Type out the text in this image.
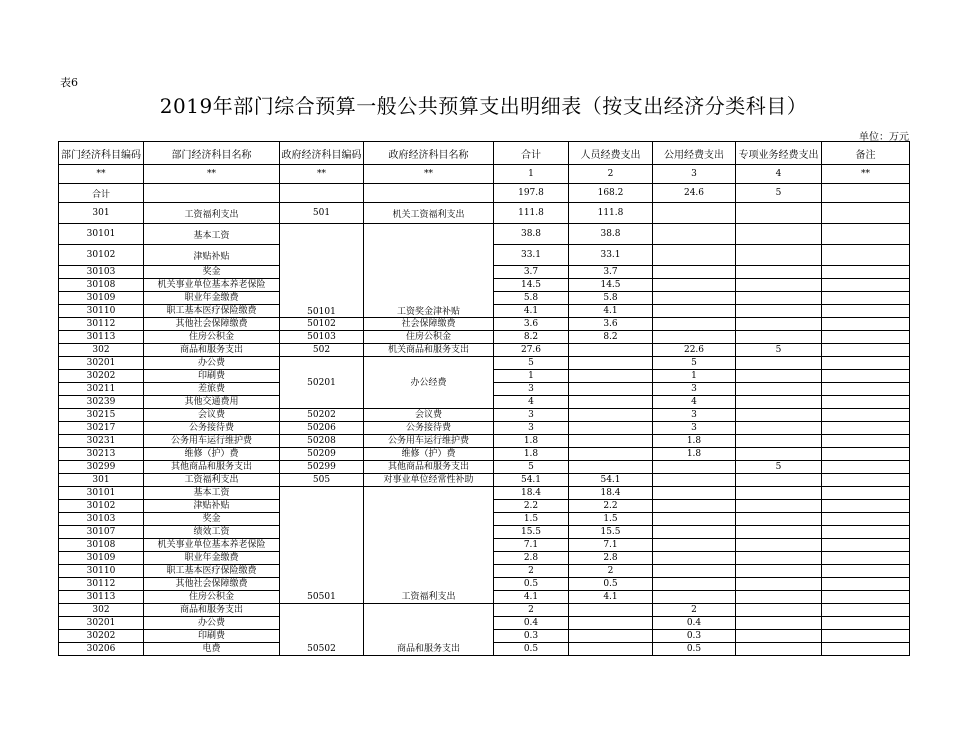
表6
2019年部门综合预算一般公共预算支出明细表（按支出经济分类科目）
单位：万元
部门经济科目编码	部门经济科目名称	政府经济科目编码	政府经济科目名称	合计	人员经费支出	公用经费支出	专项业务经费支出	备注
**	**	**	**	1	2	3	4	**
合计				197.8	168.2	24.6	5	
301	工资福利支出	501	机关工资福利支出	111.8	111.8			
30101	基本工资	50101	工资奖金津补贴	38.8	38.8			
30102	津贴补贴			33.1	33.1			
30103	奖金			3.7	3.7			
30108	机关事业单位基本养老保险			14.5	14.5			
30109	职业年金缴费			5.8	5.8			
30110	职工基本医疗保险缴费			4.1	4.1			
30112	其他社会保障缴费	50102	社会保障缴费	3.6	3.6			
30113	住房公积金	50103	住房公积金	8.2	8.2			
302	商品和服务支出	502	机关商品和服务支出	27.6		22.6	5	
30201	办公费	50201	办公经费	5		5		
30202	印刷费			1		1		
30211	差旅费			3		3		
30239	其他交通费用			4		4		
30215	会议费	50202	会议费	3		3		
30217	公务接待费	50206	公务接待费	3		3		
30231	公务用车运行维护费	50208	公务用车运行维护费	1.8		1.8		
30213	维修（护）费	50209	维修（护）费	1.8		1.8		
30299	其他商品和服务支出	50299	其他商品和服务支出	5			5	
301	工资福利支出	505	对事业单位经常性补助	54.1	54.1			
30101	基本工资	50501	工资福利支出	18.4	18.4			
30102	津贴补贴			2.2	2.2			
30103	奖金			1.5	1.5			
30107	绩效工资			15.5	15.5			
30108	机关事业单位基本养老保险			7.1	7.1			
30109	职业年金缴费			2.8	2.8			
30110	职工基本医疗保险缴费			2	2			
30112	其他社会保障缴费			0.5	0.5			
30113	住房公积金			4.1	4.1			
302	商品和服务支出	50502	商品和服务支出	2		2		
30201	办公费			0.4		0.4		
30202	印刷费			0.3		0.3		
30206	电费			0.5		0.5		
